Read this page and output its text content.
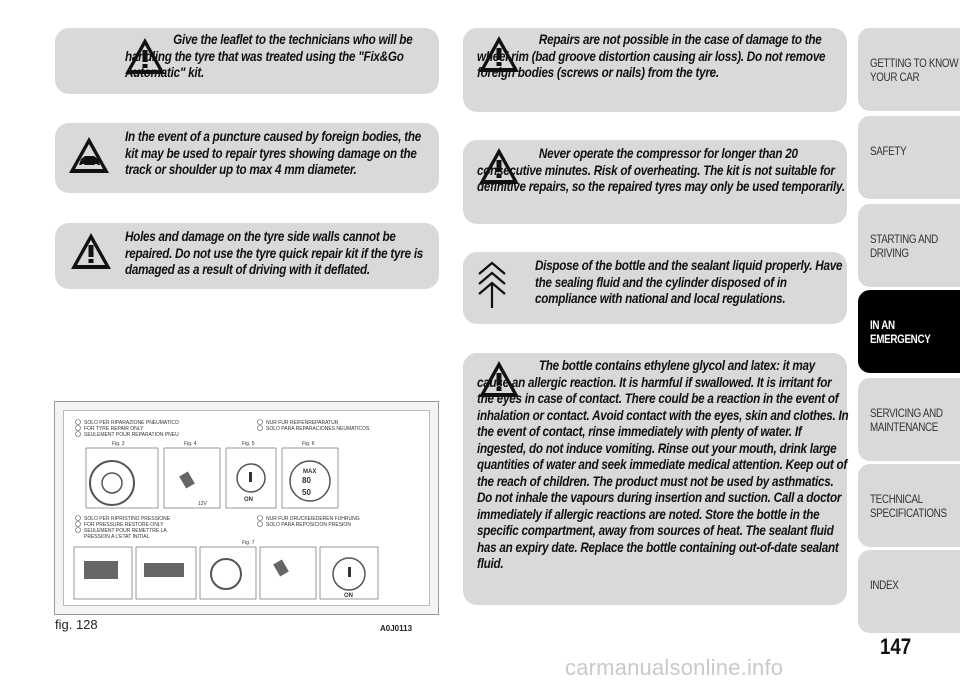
Give the leaflet to the technicians who will be handling the tyre that was treated using the "Fix&Go Automatic" kit.
In the event of a puncture caused by foreign bodies, the kit may be used to repair tyres showing damage on the track or shoulder up to max 4 mm diameter.
Holes and damage on the tyre side walls cannot be repaired. Do not use the tyre quick repair kit if the tyre is damaged as a result of driving with it deflated.
Repairs are not possible in the case of damage to the wheel rim (bad groove distortion causing air loss). Do not remove foreign bodies (screws or nails) from the tyre.
Never operate the compressor for longer than 20 consecutive minutes. Risk of overheating. The kit is not suitable for definitive repairs, so the repaired tyres may only be used temporarily.
Dispose of the bottle and the sealant liquid properly. Have the sealing fluid and the cylinder disposed of in compliance with national and local regulations.
The bottle contains ethylene glycol and latex: it may cause an allergic reaction. It is harmful if swallowed. It is irritant for the eyes in case of contact. There could be a reaction in the event of inhalation or contact. Avoid contact with the eyes, skin and clothes. In the event of contact, rinse immediately with plenty of water. If ingested, do not induce vomiting. Rinse out your mouth, drink large quantities of water and seek immediate medical attention. Keep out of the reach of children. The product must not be used by asthmatics. Do not inhale the vapours during insertion and suction. Call a doctor immediately if allergic reactions are noted. Store the bottle in the specific compartment, away from sources of heat. The sealant fluid has an expiry date. Replace the bottle containing out-of-date sealant fluid.
SOLO PER RIPARAZIONE PNEUMATICO
FOR TYRE REPAIR ONLY
SEULEMENT POUR REPARATION PNEU
NUR FUR REIFENREPARATUR
SOLO PARA REPARACIONES NEUMATICOS
Fig. 3	Fig. 4	Fig. 5	Fig. 6
12V
ON
MAX
80
50
SOLO PER RIPRISTINO PRESSIONE
FOR PRESSURE RESTORE ONLY
SEULEMENT POUR REMETTRE LA
PRESSION A L'ETAT INITIAL
NUR FUR DRUCKEIEDEREN FUHRUNG
SOLO PARA REPOSICION PRESION
Fig. 7
ON
fig. 128	A0J0113
GETTING TO KNOW
YOUR CAR
SAFETY
STARTING AND
DRIVING
IN AN
EMERGENCY
SERVICING AND
MAINTENANCE
TECHNICAL
SPECIFICATIONS
INDEX
147
carmanualsonline.info
